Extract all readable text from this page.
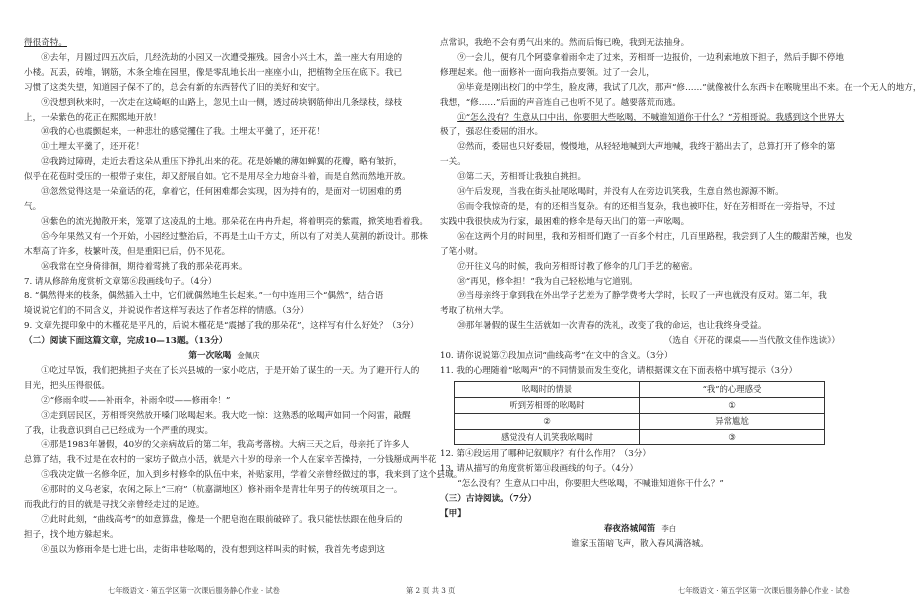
得很奇特。

⑧去年，月圆过四五次后，几经洗劫的小园又一次遭受摧残。园舍小兴土木，盖一座大有用途的

小楼。瓦丢，砖堆，钢筋，木条全堆在园里，像是零乱地长出一座座小山，把植物全压在底下。我已

习惯了这类失望，知道园子保不了的，总会有新的东西替代了旧的美好和安宁。

⑨没想到秋来时，一次走在这崎岖的山路上，忽见土山一侧，透过砖块钢筋伸出几条绿枝，绿枝

上，一朵紫色的花正在熙熙地开放！

⑩我的心也震颤起来，一种悲壮的感觉攫住了我。土埋太平羹了，还开花！

⑪土埋太平羹了，还开花！

⑫我跨过障碍，走近去看这朵从重压下挣扎出来的花。花是娇嫩的薄如蝉翼的花瓣，略有皱折，

似乎在花苞时受压的一根带子束住，却又舒展自如。它不是用尽全力地奋斗着，而是自然而然地开放。

⑬忽然觉得这是一朵童话的花，拿着它，任何困难都会实现，因为持有的，是面对一切困难的勇

气。

⑭紫色的流光抛散开来，笼罩了这凌乱的土地。那朵花在冉冉升起，将着明亮的紫霞，掀笑地看着我。

⑮今年果然又有一个开始，小园经过整治后，不再是土山千方丈，所以有了对美人莫割的新设计。那株

木犁高了许多，枝繁叶茂，但是重阳已后，仍不见花。

⑯我常在空身倚徘徊，期待着莺挑了我的那朵花再来。

7. 请从修辞角度赏析文章第⑥段画线句子。（4分）

8. “偶然得来的枝条，偶然插入土中，它们就偶然地生长起来。”一句中连用三个“偶然”，结合语

境说说它们的不同含义，并说说作者这样写表达了作者怎样的情感。（3分）

9. 文章先提印象中的木槿花是平凡的，后说木槿花是“震撼了我的那朵花”，这样写有什么好处？（3分）

（二）阅读下面这篇文章，完成10—13题。（13分）

第一次吆喝 金佩庆

①吃过早饭，我们把挑担子夹在了长兴县城的一家小吃店，于是开始了谋生的一天。为了避开行人的

目光，把头压得很低。

②“修雨伞哎——补雨伞，补雨伞哎——修雨伞！”

③走到居民区，芳相哥突然放开嗓门吆喝起来。我大吃一惊：这熟悉的吆喝声如同一个闷雷，敲醒

了我，让我意识到自己已经成为一个严重的现实。

④那是1983年暑假，40岁的父亲病故后的第二年，我高考落榜。大病三天之后，母亲托了许多人

总算了结，我不过是在农村的一家坊子做点小活，就是六十岁的母亲一个人在家辛苦操持，一分钱掰成两半花

⑤我决定做一名修伞匠，加入到乡村修伞的队伍中来，补贴家用，学着父亲曾经做过的事，我来到了这个县城。

⑥那时的义乌老家，农闲之际上“三府”（杭嘉湖地区）修补雨伞是青壮年男子的传统项目之一。

而我此行的目的就是寻找父亲曾经走过的足迹。

⑦此时此刻，“曲线高考”的如意算盘，像是一个肥皂泡在眼前破碎了。我只能怯怯跟在他身后的

担子，找个地方躲起来。

⑧虽以为修雨伞是七进七出，走街串巷吆喝的，没有想到这样叫卖的时候，我首先考虑到这

点常识，我绝不会有勇气出来的。然而后悔已晚，我到无法抽身。

⑨一会儿，便有几个阿婆拿着雨伞走了过来，芳相哥一边报价，一边利索地放下担子，然后手脚不停地

修理起来。他一面修补一面向我指点要领。过了一会儿，

⑩毕竟是刚出校门的中学生，脸皮薄，我试了几次，那声“修……”就像被什么东西卡在喉咙里出不来。在一个无人的地方，

我想，“修……”后面的声音连自己也听不见了。越要落荒而逃。

⑪“怎么没有？生意从口中出，你要胆大些吆喝，不喊谁知道你干什么？”芳相哥说。我感到这个世界大

极了，强忍住委屈的泪水。

⑫然而，委屈也只好委屈，慢慢地，从轻轻地喊到大声地喊，我终于豁出去了，总算打开了修伞的第

一关。

⑬第二天，芳相哥让我独自挑担。

⑭午后发现，当我在街头扯尾吆喝时，并没有人在旁边讥笑我，生意自然也源源不断。

⑮而令我惊奇的是，有的还相当复杂。有的还相当复杂，我也被吓住，好在芳相哥在一旁指导，不过

实践中我很快成为行家，最困难的修伞是每天出门的第一声吆喝。

⑯在这两个月的时间里，我和芳相哥们跑了一百多个村庄，几百里路程，我尝到了人生的酸甜苦辣，也发

了笔小财。

⑰开往义乌的时候，我向芳相哥讨教了修伞的几门手艺的秘密。

⑱“再见，修伞担！”我为自己轻松地与它道别。

⑲当母亲终于拿到我在外出学子艺差为了静学费考大学时，长叹了一声也就没有反对。第二年，我

考取了杭州大学。

⑳那年暑假的谋生生活就如一次青春的洗礼，改变了我的命运，也让我终身受益。

（选自《开花的课桌——当代散文佳作选读》）

10. 请你说说第⑦段加点词“曲线高考”在文中的含义。（3分）

11. 我的心理随着“吆喝声”的不同情景而发生变化，请根据课文在下面表格中填写提示（3分）

吆喝时的情景	“我”的心理感受
听到芳相哥的吆喝时	①
②	异常尴尬
感觉没有人讥笑我吆喝时	③

12. 第④段运用了哪种记叙顺序？有什么作用？（3分）

13. 请从描写的角度赏析第⑪段画线的句子。（4分）

“怎么没有？生意从口中出，你要胆大些吆喝，不喊谁知道你干什么？”

（三）古诗阅读。（7分）

【甲】

春夜洛城闻笛 李白

谁家玉笛暗飞声，散入春风满洛城。

七年级语文 · 第五学区第一次课后服务静心作业 · 试卷	第 2 页 共 3 页	七年级语文 · 第五学区第一次课后服务静心作业 · 试卷
